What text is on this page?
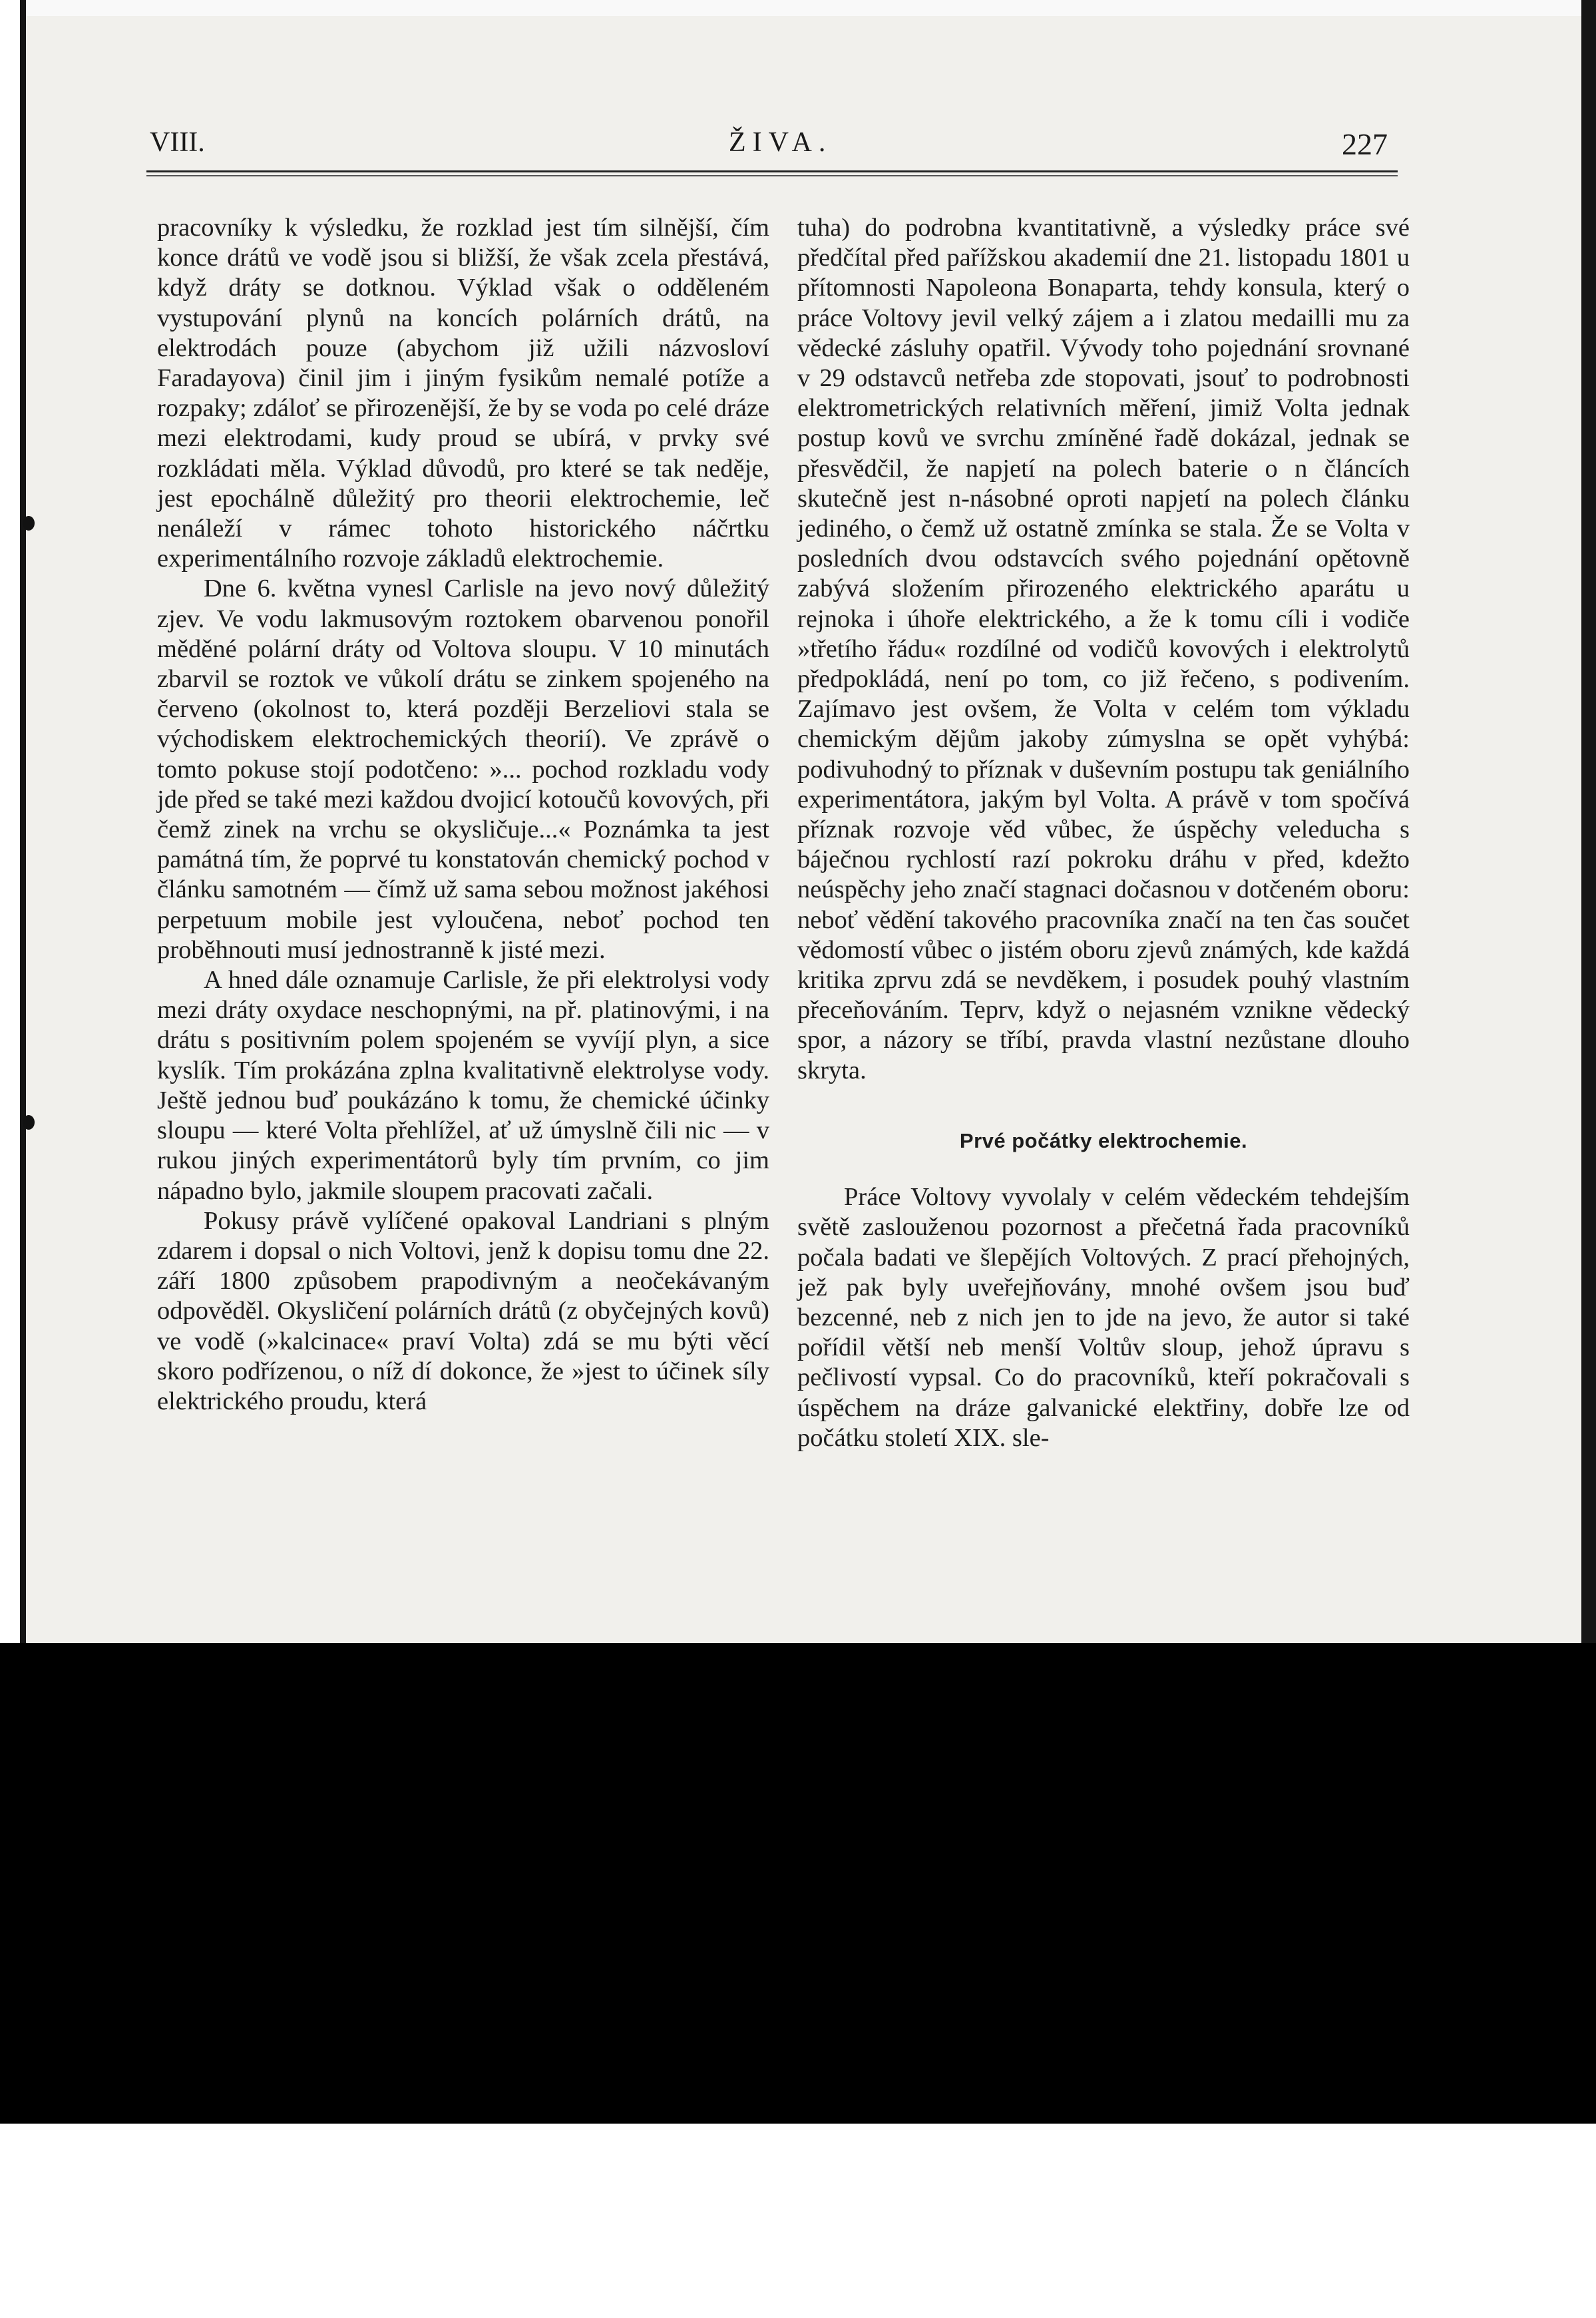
VIII.	ŽIVA.	227

pracovníky k výsledku, že rozklad jest tím silnější, čím konce drátů ve vodě jsou si bližší, že však zcela přestává, když dráty se dotknou. Výklad však o odděleném vystupování plynů na koncích polárních drátů, na elektrodách pouze (abychom již užili názvosloví Faradayova) činil jim i jiným fysikům nemalé potíže a rozpaky; zdáloť se přirozenější, že by se voda po celé dráze mezi elektrodami, kudy proud se ubírá, v prvky své rozkládati měla. Výklad důvodů, pro které se tak neděje, jest epochálně důležitý pro theorii elektrochemie, leč nenáleží v rámec tohoto historického náčrtku experimentálního rozvoje základů elektrochemie.

Dne 6. května vynesl Carlisle na jevo nový důležitý zjev. Ve vodu lakmusovým roztokem obarvenou ponořil měděné polární dráty od Voltova sloupu. V 10 minutách zbarvil se roztok ve vůkolí drátu se zinkem spojeného na červeno (okolnost to, která později Berzeliovi stala se východiskem elektrochemických theorií). Ve zprávě o tomto pokuse stojí podotčeno: »... pochod rozkladu vody jde před se také mezi každou dvojicí kotoučů kovových, při čemž zinek na vrchu se okysličuje...« Poznámka ta jest památná tím, že poprvé tu konstatován chemický pochod v článku samotném — čímž už sama sebou možnost jakéhosi perpetuum mobile jest vyloučena, neboť pochod ten proběhnouti musí jednostranně k jisté mezi.

A hned dále oznamuje Carlisle, že při elektrolysi vody mezi dráty oxydace neschopnými, na př. platinovými, i na drátu s positivním polem spojeném se vyvíjí plyn, a sice kyslík. Tím prokázána zplna kvalitativně elektrolyse vody. Ještě jednou buď poukázáno k tomu, že chemické účinky sloupu — které Volta přehlížel, ať už úmyslně čili nic — v rukou jiných experimentátorů byly tím prvním, co jim nápadno bylo, jakmile sloupem pracovati začali.

Pokusy právě vylíčené opakoval Landriani s plným zdarem i dopsal o nich Voltovi, jenž k dopisu tomu dne 22. září 1800 způsobem prapodivným a neočekávaným odpověděl. Okysličení polárních drátů (z obyčejných kovů) ve vodě (»kalcinace« praví Volta) zdá se mu býti věcí skoro podřízenou, o níž dí dokonce, že »jest to účinek síly elektrického proudu, která

tuha) do podrobna kvantitativně, a výsledky práce své předčítal před pařížskou akademií dne 21. listopadu 1801 u přítomnosti Napoleona Bonaparta, tehdy konsula, který o práce Voltovy jevil velký zájem a i zlatou medailli mu za vědecké zásluhy opatřil. Vývody toho pojednání srovnané v 29 odstavců netřeba zde stopovati, jsouť to podrobnosti elektrometrických relativních měření, jimiž Volta jednak postup kovů ve svrchu zmíněné řadě dokázal, jednak se přesvědčil, že napjetí na polech baterie o n článcích skutečně jest n-násobné oproti napjetí na polech článku jediného, o čemž už ostatně zmínka se stala. Že se Volta v posledních dvou odstavcích svého pojednání opětovně zabývá složením přirozeného elektrického aparátu u rejnoka i úhoře elektrického, a že k tomu cíli i vodiče »třetího řádu« rozdílné od vodičů kovových i elektrolytů předpokládá, není po tom, co již řečeno, s podivením. Zajímavo jest ovšem, že Volta v celém tom výkladu chemickým dějům jakoby zúmyslna se opět vyhýbá: podivuhodný to příznak v duševním postupu tak geniálního experimentátora, jakým byl Volta. A právě v tom spočívá příznak rozvoje věd vůbec, že úspěchy veleducha s báječnou rychlostí razí pokroku dráhu v před, kdežto neúspěchy jeho značí stagnaci dočasnou v dotčeném oboru: neboť vědění takového pracovníka značí na ten čas součet vědomostí vůbec o jistém oboru zjevů známých, kde každá kritika zprvu zdá se nevděkem, i posudek pouhý vlastním přeceňováním. Teprv, když o nejasném vznikne vědecký spor, a názory se tříbí, pravda vlastní nezůstane dlouho skryta.

Prvé počátky elektrochemie.

Práce Voltovy vyvolaly v celém vědeckém tehdejším světě zaslouženou pozornost a přečetná řada pracovníků počala badati ve šlepějích Voltových. Z prací přehojných, jež pak byly uveřejňovány, mnohé ovšem jsou buď bezcenné, neb z nich jen to jde na jevo, že autor si také pořídil větší neb menší Voltův sloup, jehož úpravu s pečlivostí vypsal. Co do pracovníků, kteří pokračovali s úspěchem na dráze galvanické elektřiny, dobře lze od počátku století XIX. sle-
